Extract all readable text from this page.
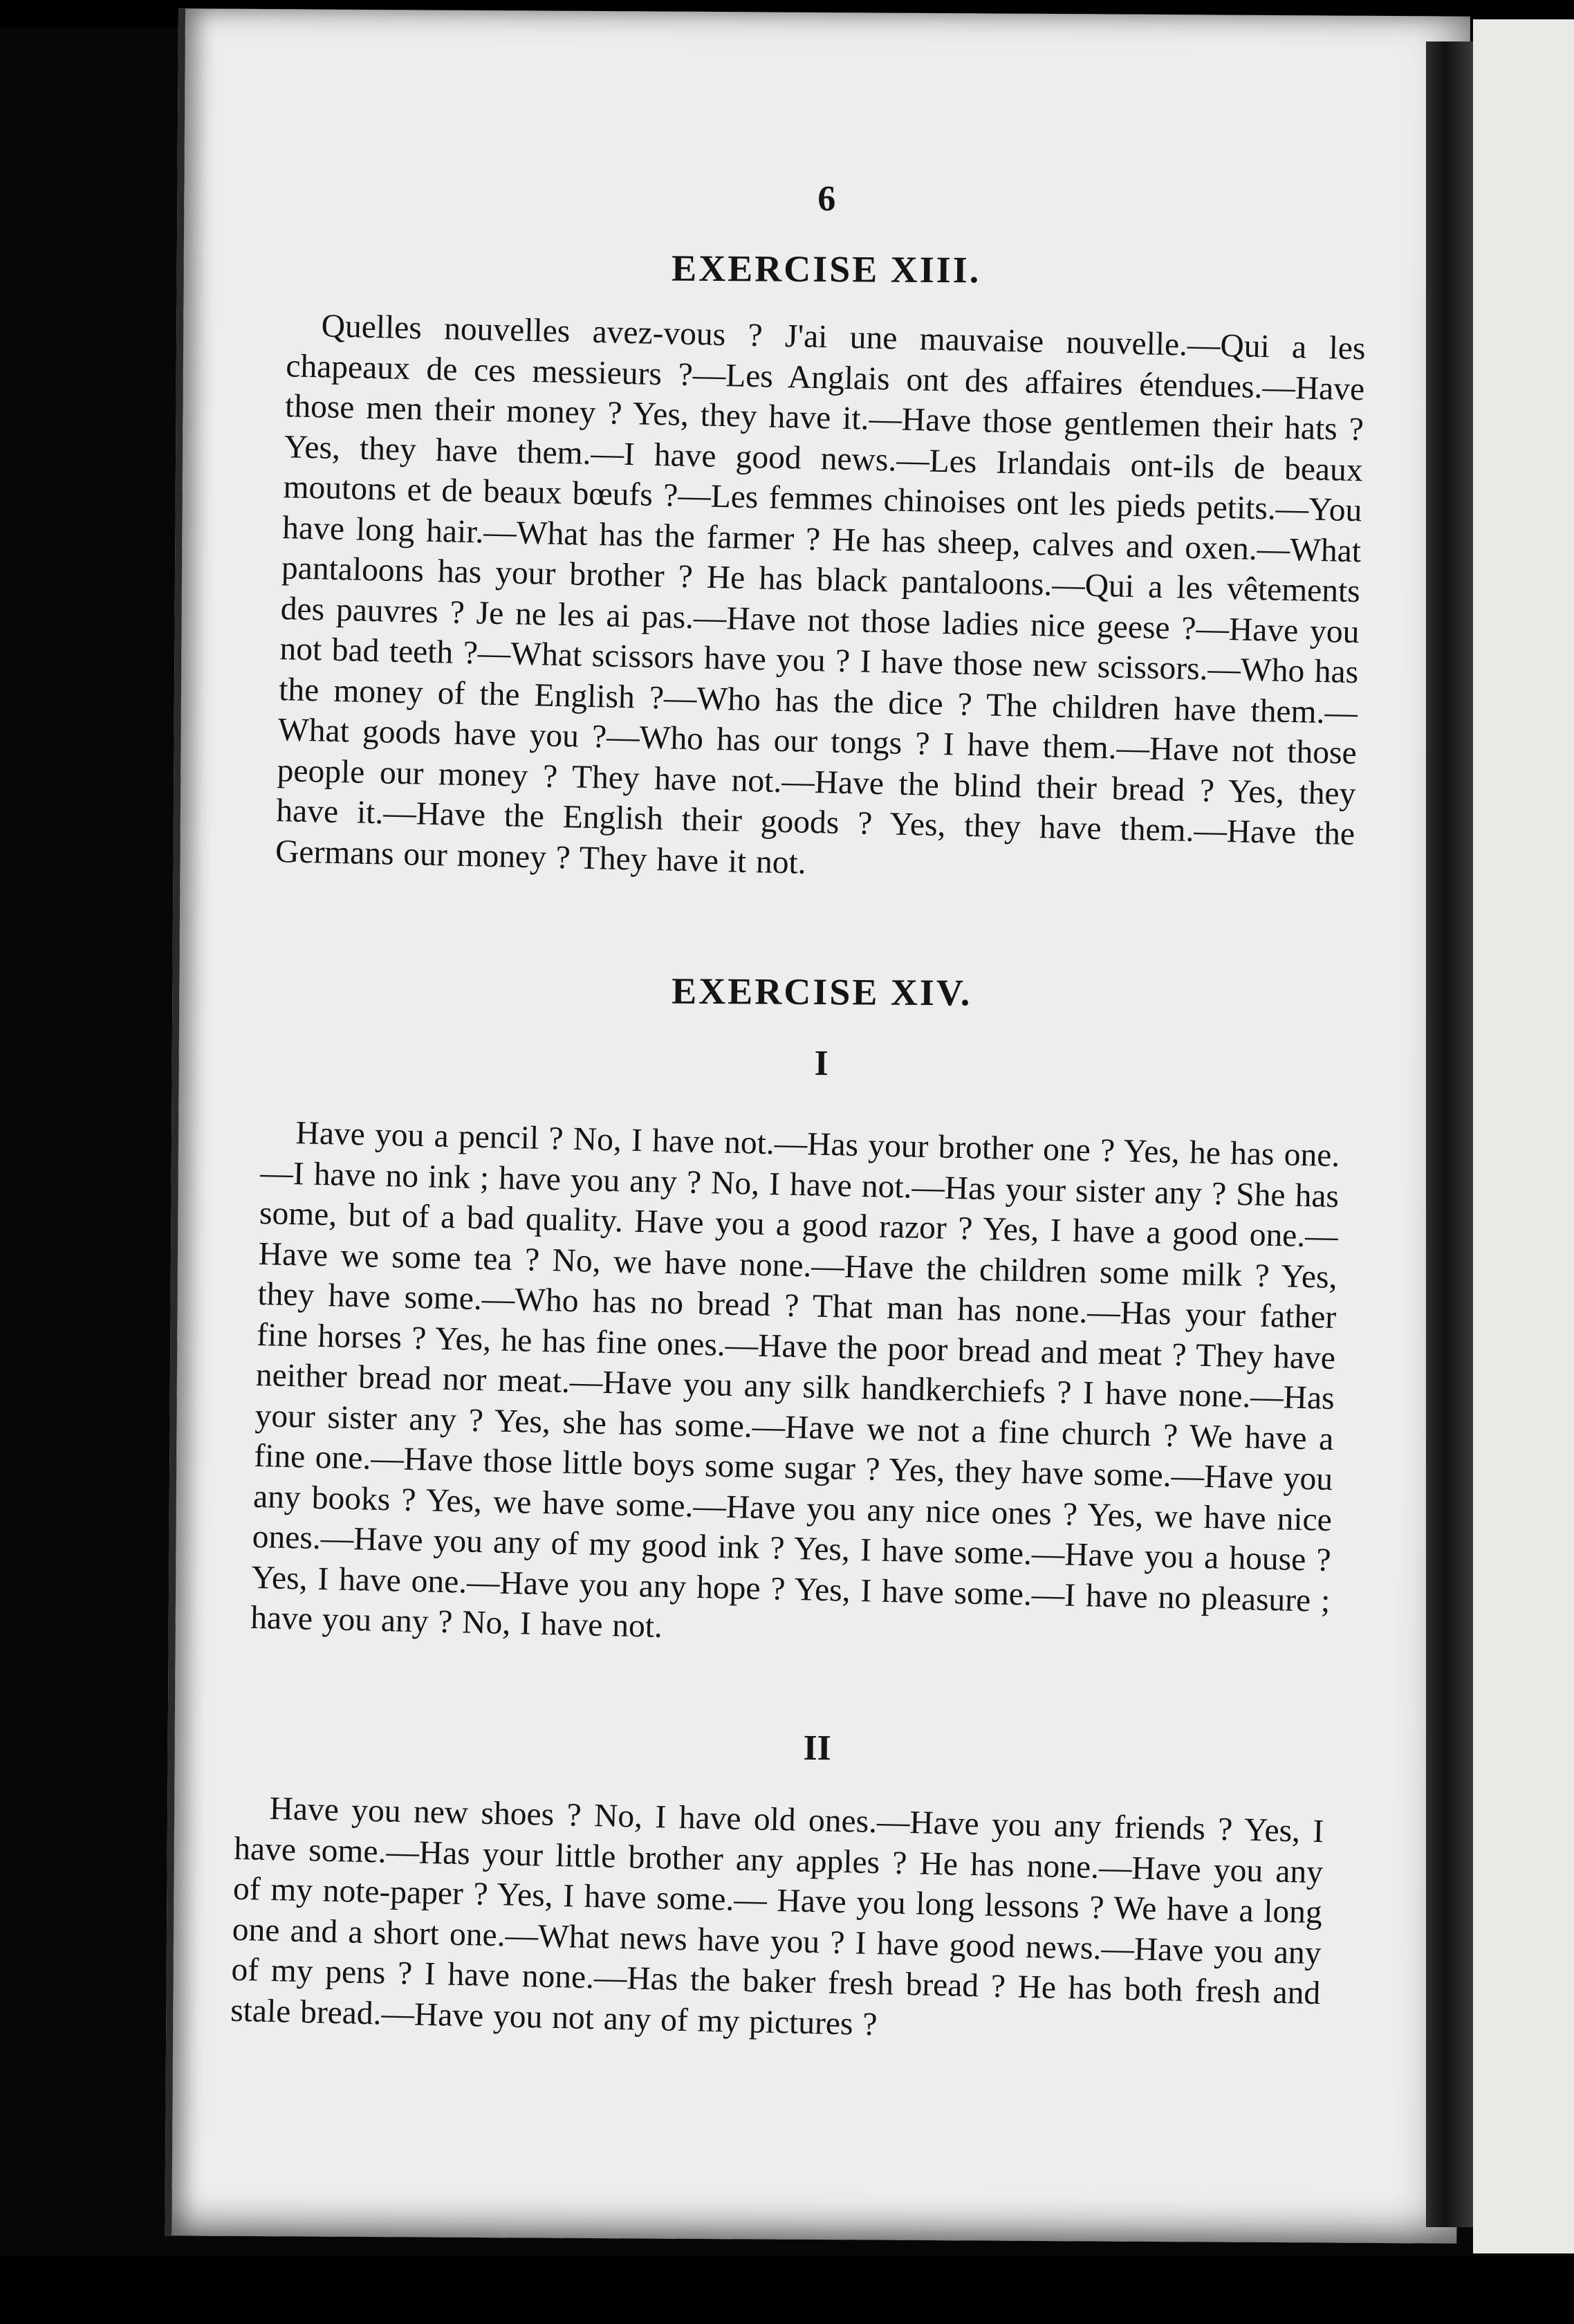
6
EXERCISE XIII.
Quelles nouvelles avez-vous ? J'ai une mauvaise nouvelle.—Qui a les chapeaux de ces messieurs ?—Les Anglais ont des affaires étendues.—Have those men their money ? Yes, they have it.—Have those gentlemen their hats ? Yes, they have them.—I have good news.—Les Irlandais ont-ils de beaux moutons et de beaux bœufs ?—Les femmes chinoises ont les pieds petits.—You have long hair.—What has the farmer ? He has sheep, calves and oxen.—What pantaloons has your brother ? He has black pantaloons.—Qui a les vêtements des pauvres ? Je ne les ai pas.—Have not those ladies nice geese ?—Have you not bad teeth ?—What scissors have you ? I have those new scissors.—Who has the money of the English ?—Who has the dice ? The children have them.—What goods have you ?—Who has our tongs ? I have them.—Have not those people our money ? They have not.—Have the blind their bread ? Yes, they have it.—Have the English their goods ? Yes, they have them.—Have the Germans our money ? They have it not.
EXERCISE XIV.
I
Have you a pencil ? No, I have not.—Has your brother one ? Yes, he has one.—I have no ink ; have you any ? No, I have not.—Has your sister any ? She has some, but of a bad quality. Have you a good razor ? Yes, I have a good one.—Have we some tea ? No, we have none.—Have the children some milk ? Yes, they have some.—Who has no bread ? That man has none.—Has your father fine horses ? Yes, he has fine ones.—Have the poor bread and meat ? They have neither bread nor meat.—Have you any silk handkerchiefs ? I have none.—Has your sister any ? Yes, she has some.—Have we not a fine church ? We have a fine one.—Have those little boys some sugar ? Yes, they have some.—Have you any books ? Yes, we have some.—Have you any nice ones ? Yes, we have nice ones.—Have you any of my good ink ? Yes, I have some.—Have you a house ? Yes, I have one.—Have you any hope ? Yes, I have some.—I have no pleasure ; have you any ? No, I have not.
II
Have you new shoes ? No, I have old ones.—Have you any friends ? Yes, I have some.—Has your little brother any apples ? He has none.—Have you any of my note-paper ? Yes, I have some.— Have you long lessons ? We have a long one and a short one.—What news have you ? I have good news.—Have you any of my pens ? I have none.—Has the baker fresh bread ? He has both fresh and stale bread.—Have you not any of my pictures ?
